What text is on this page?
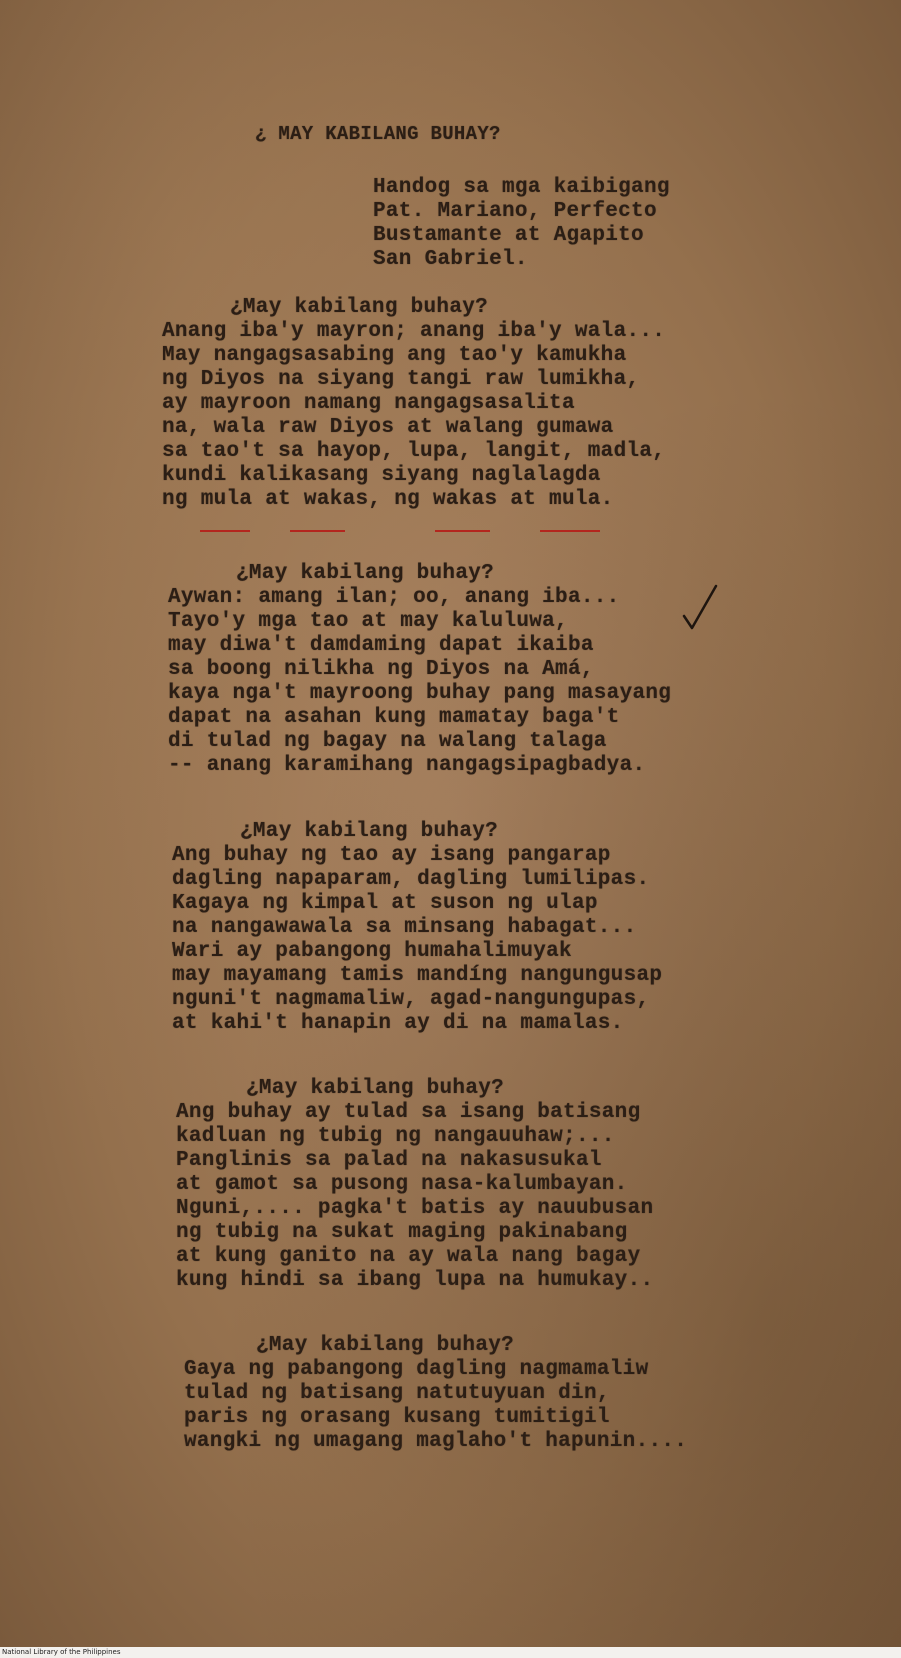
¿ MAY KABILANG BUHAY?
Handog sa mga kaibigang
Pat. Mariano, Perfecto
Bustamante at Agapito
San Gabriel.
¿May kabilang buhay?
Anang iba'y mayron; anang iba'y wala...
May nangagsasabing ang tao'y kamukha
ng Diyos na siyang tangi raw lumikha,
ay mayroon namang nangagsasalita
na, wala raw Diyos at walang gumawa
sa tao't sa hayop, lupa, langit, madla,
kundi kalikasang siyang naglalagda
ng mula at wakas, ng wakas at mula.
¿May kabilang buhay?
Aywan: amang ilan; oo, anang iba...
Tayo'y mga tao at may kaluluwa,
may diwa't damdaming dapat ikaiba
sa boong nilikha ng Diyos na Amá,
kaya nga't mayroong buhay pang masayang
dapat na asahan kung mamatay baga't
di tulad ng bagay na walang talaga
-- anang karamihang nangagsipagbadya.
¿May kabilang buhay?
Ang buhay ng tao ay isang pangarap
dagling napaparam, dagling lumilipas.
Kagaya ng kimpal at suson ng ulap
na nangawawala sa minsang habagat...
Wari ay pabangong humahalimuyak
may mayamang tamis mandíng nangungusap
nguni't nagmamaliw, agad-nangungupas,
at kahi't hanapin ay di na mamalas.
¿May kabilang buhay?
Ang buhay ay tulad sa isang batisang
kadluan ng tubig ng nangauuhaw;...
Panglinis sa palad na nakasusukal
at gamot sa pusong nasa-kalumbayan.
Nguni,.... pagka't batis ay nauubusan
ng tubig na sukat maging pakinabang
at kung ganito na ay wala nang bagay
kung hindi sa ibang lupa na humukay..
¿May kabilang buhay?
Gaya ng pabangong dagling nagmamaliw
tulad ng batisang natutuyuan din,
paris ng orasang kusang tumitigil
wangki ng umagang maglaho't hapunin....
National Library of the Philippines
